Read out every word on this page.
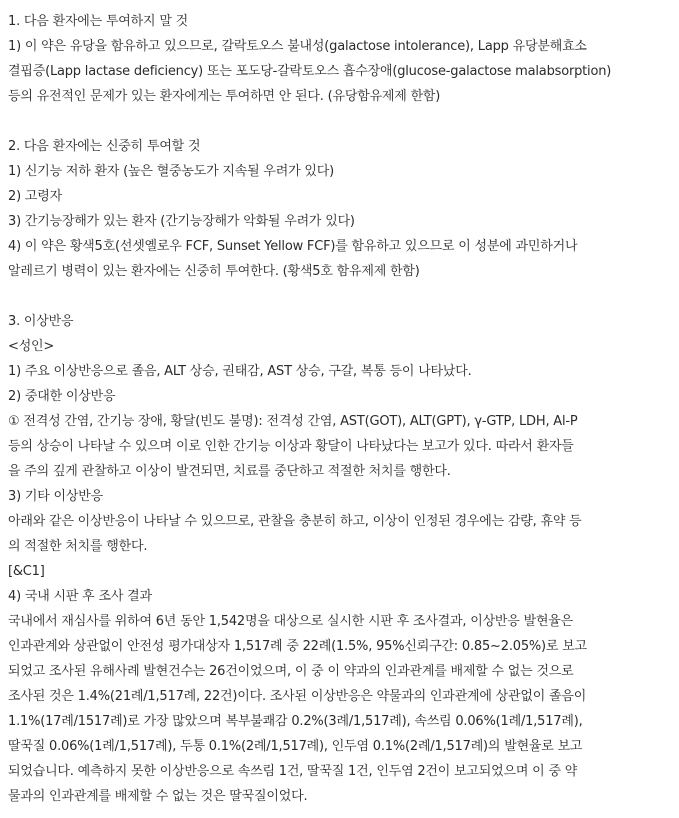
1. 다음 환자에는 투여하지 말 것
1) 이 약은 유당을 함유하고 있으므로, 갈락토오스 불내성(galactose intolerance), Lapp 유당분해효소
결핍증(Lapp lactase deficiency) 또는 포도당-갈락토오스 흡수장애(glucose-galactose malabsorption)
등의 유전적인 문제가 있는 환자에게는 투여하면 안 된다. (유당함유제제 한함)
2. 다음 환자에는 신중히 투여할 것
1) 신기능 저하 환자 (높은 혈중농도가 지속될 우려가 있다)
2) 고령자
3) 간기능장해가 있는 환자 (간기능장해가 악화될 우려가 있다)
4) 이 약은 황색5호(선셋옐로우 FCF, Sunset Yellow FCF)를 함유하고 있으므로 이 성분에 과민하거나
알레르기 병력이 있는 환자에는 신중히 투여한다. (황색5호 함유제제 한함)
3. 이상반응
<성인>
1) 주요 이상반응으로 졸음, ALT 상승, 권태감, AST 상승, 구갈, 복통 등이 나타났다.
2) 중대한 이상반응
① 전격성 간염, 간기능 장애, 황달(빈도 불명): 전격성 간염, AST(GOT), ALT(GPT), γ-GTP, LDH, Al-P
등의 상승이 나타날 수 있으며 이로 인한 간기능 이상과 황달이 나타났다는 보고가 있다. 따라서 환자들
을 주의 깊게 관찰하고 이상이 발견되면, 치료를 중단하고 적절한 처치를 행한다.
3) 기타 이상반응
아래와 같은 이상반응이 나타날 수 있으므로, 관찰을 충분히 하고, 이상이 인정된 경우에는 감량, 휴약 등
의 적절한 처치를 행한다.
[&C1]
4) 국내 시판 후 조사 결과
국내에서 재심사를 위하여 6년 동안 1,542명을 대상으로 실시한 시판 후 조사결과, 이상반응 발현율은
인과관계와 상관없이 안전성 평가대상자 1,517례 중 22례(1.5%, 95%신뢰구간: 0.85~2.05%)로 보고
되었고 조사된 유해사례 발현건수는 26건이었으며, 이 중 이 약과의 인과관계를 배제할 수 없는 것으로
조사된 것은 1.4%(21례/1,517례, 22건)이다. 조사된 이상반응은 약물과의 인과관계에 상관없이 졸음이
1.1%(17례/1517례)로 가장 많았으며 복부불쾌감 0.2%(3례/1,517례), 속쓰림 0.06%(1례/1,517례),
딸꾹질 0.06%(1례/1,517례), 두통 0.1%(2례/1,517례), 인두염 0.1%(2례/1,517례)의 발현율로 보고
되었습니다. 예측하지 못한 이상반응으로 속쓰림 1건, 딸꾹질 1건, 인두염 2건이 보고되었으며 이 중 약
물과의 인과관계를 배제할 수 없는 것은 딸꾹질이었다.
